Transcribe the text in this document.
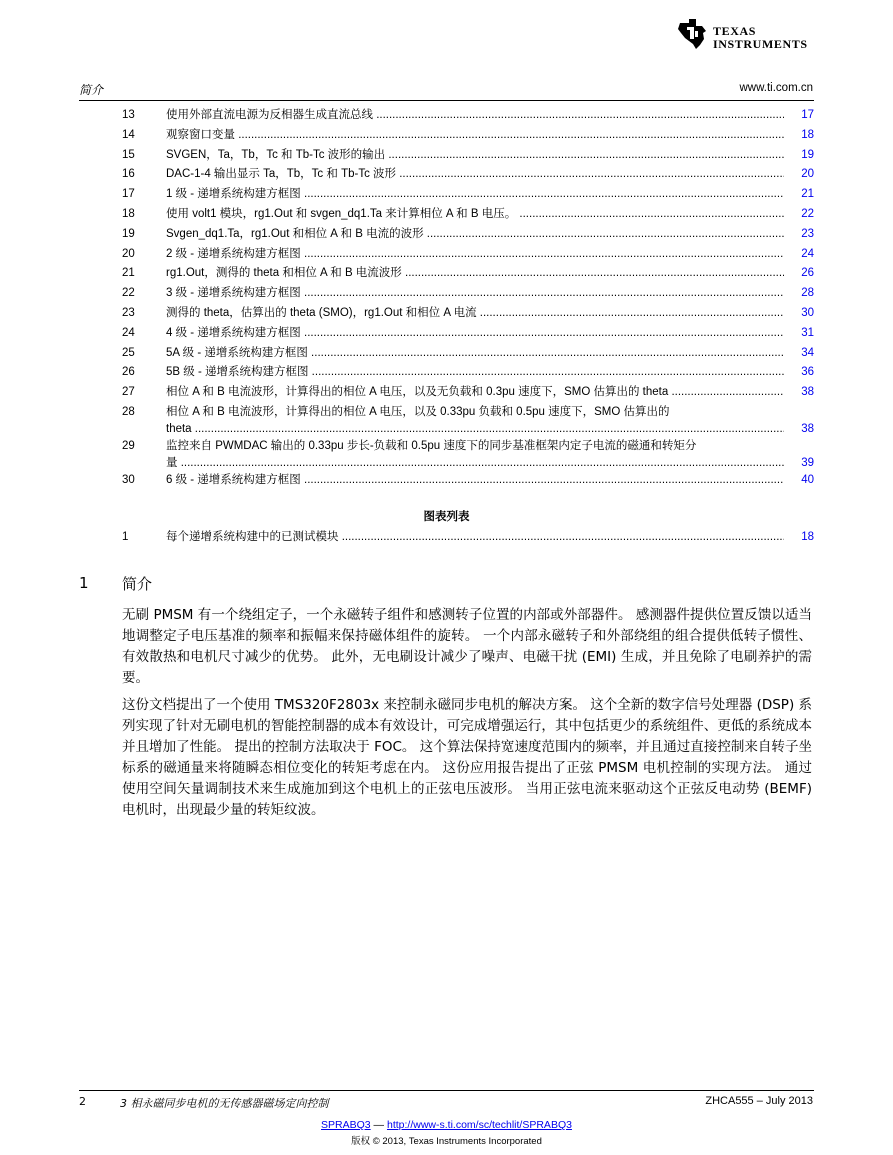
TEXAS
INSTRUMENTS
简介	www.ti.com.cn
13	使用外部直流电源为反相器生成直流总线 .....	17
14	观察窗口变量 .....	18
15	SVGEN，Ta，Tb，Tc 和 Tb-Tc 波形的输出 .....	19
16	DAC-1-4 输出显示 Ta，Tb，Tc 和 Tb-Tc 波形 .....	20
17	1 级 - 递增系统构建方框图 .....	21
18	使用 volt1 模块，rg1.Out 和 svgen_dq1.Ta 来计算相位 A 和 B 电压。 .....	22
19	Svgen_dq1.Ta，rg1.Out 和相位 A 和 B 电流的波形 .....	23
20	2 级 - 递增系统构建方框图 .....	24
21	rg1.Out，测得的 theta 和相位 A 和 B 电流波形 .....	26
22	3 级 - 递增系统构建方框图 .....	28
23	测得的 theta，估算出的 theta (SMO)，rg1.Out 和相位 A 电流 .....	30
24	4 级 - 递增系统构建方框图 .....	31
25	5A 级 - 递增系统构建方框图 .....	34
26	5B 级 - 递增系统构建方框图 .....	36
27	相位 A 和 B 电流波形，计算得出的相位 A 电压，以及无负载和 0.3pu 速度下，SMO 估算出的 theta .....	38
28	相位 A 和 B 电流波形，计算得出的相位 A 电压，以及 0.33pu 负载和 0.5pu 速度下，SMO 估算出的
theta .....	38
29	监控来自 PWMDAC 输出的 0.33pu 步长-负载和 0.5pu 速度下的同步基准框架内定子电流的磁通和转矩分
量 .....	39
30	6 级 - 递增系统构建方框图 .....	40
图表列表
1	每个递增系统构建中的已测试模块 .....	18
1 简介
无刷 PMSM 有一个绕组定子，一个永磁转子组件和感测转子位置的内部或外部器件。 感测器件提供位置反馈以适当地调整定子电压基准的频率和振幅来保持磁体组件的旋转。 一个内部永磁转子和外部绕组的组合提供低转子惯性、有效散热和电机尺寸减少的优势。 此外，无电刷设计减少了噪声、电磁干扰 (EMI) 生成，并且免除了电刷养护的需要。
这份文档提出了一个使用 TMS320F2803x 来控制永磁同步电机的解决方案。 这个全新的数字信号处理器 (DSP) 系列实现了针对无刷电机的智能控制器的成本有效设计，可完成增强运行，其中包括更少的系统组件、更低的系统成本并且增加了性能。 提出的控制方法取决于 FOC。 这个算法保持宽速度范围内的频率，并且通过直接控制来自转子坐标系的磁通量来将随瞬态相位变化的转矩考虑在内。 这份应用报告提出了正弦 PMSM 电机控制的实现方法。 通过使用空间矢量调制技术来生成施加到这个电机上的正弦电压波形。 当用正弦电流来驱动这个正弦反电动势 (BEMF) 电机时，出现最少量的转矩纹波。
2	3 相永磁同步电机的无传感器磁场定向控制	ZHCA555 – July 2013
SPRABQ3 — http://www-s.ti.com/sc/techlit/SPRABQ3
版权 © 2013, Texas Instruments Incorporated
